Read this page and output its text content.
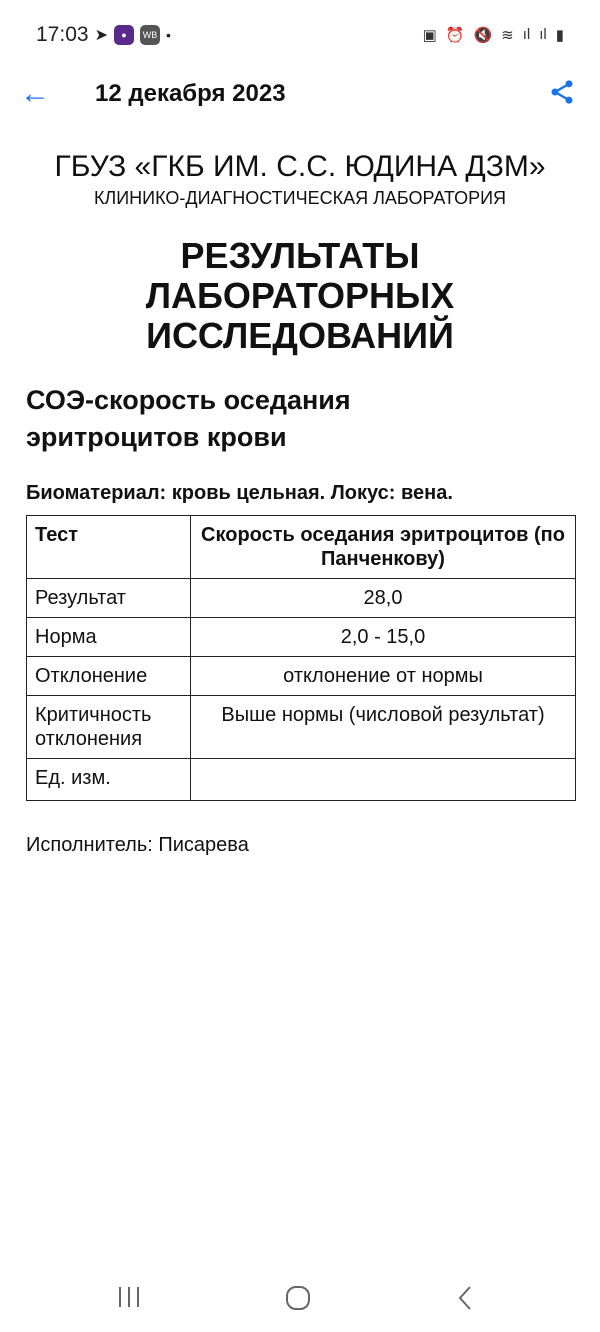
17:03 ➤	●	WB •	▣ ⏰ 🔇 ≋ ıl ıl ▮
← 12 декабря 2023
ГБУЗ «ГКБ ИМ. С.С. ЮДИНА ДЗМ»
КЛИНИКО-ДИАГНОСТИЧЕСКАЯ ЛАБОРАТОРИЯ
РЕЗУЛЬТАТЫ
ЛАБОРАТОРНЫХ
ИССЛЕДОВАНИЙ
СОЭ-скорость оседания
эритроцитов крови
Биоматериал: кровь цельная. Локус: вена.
Тест	Скорость оседания эритроцитов (по Панченкову)
Результат	28,0
Норма	2,0 - 15,0
Отклонение	отклонение от нормы
Критичность отклонения	Выше нормы (числовой результат)
Ед. изм.	
Исполнитель: Писарева
